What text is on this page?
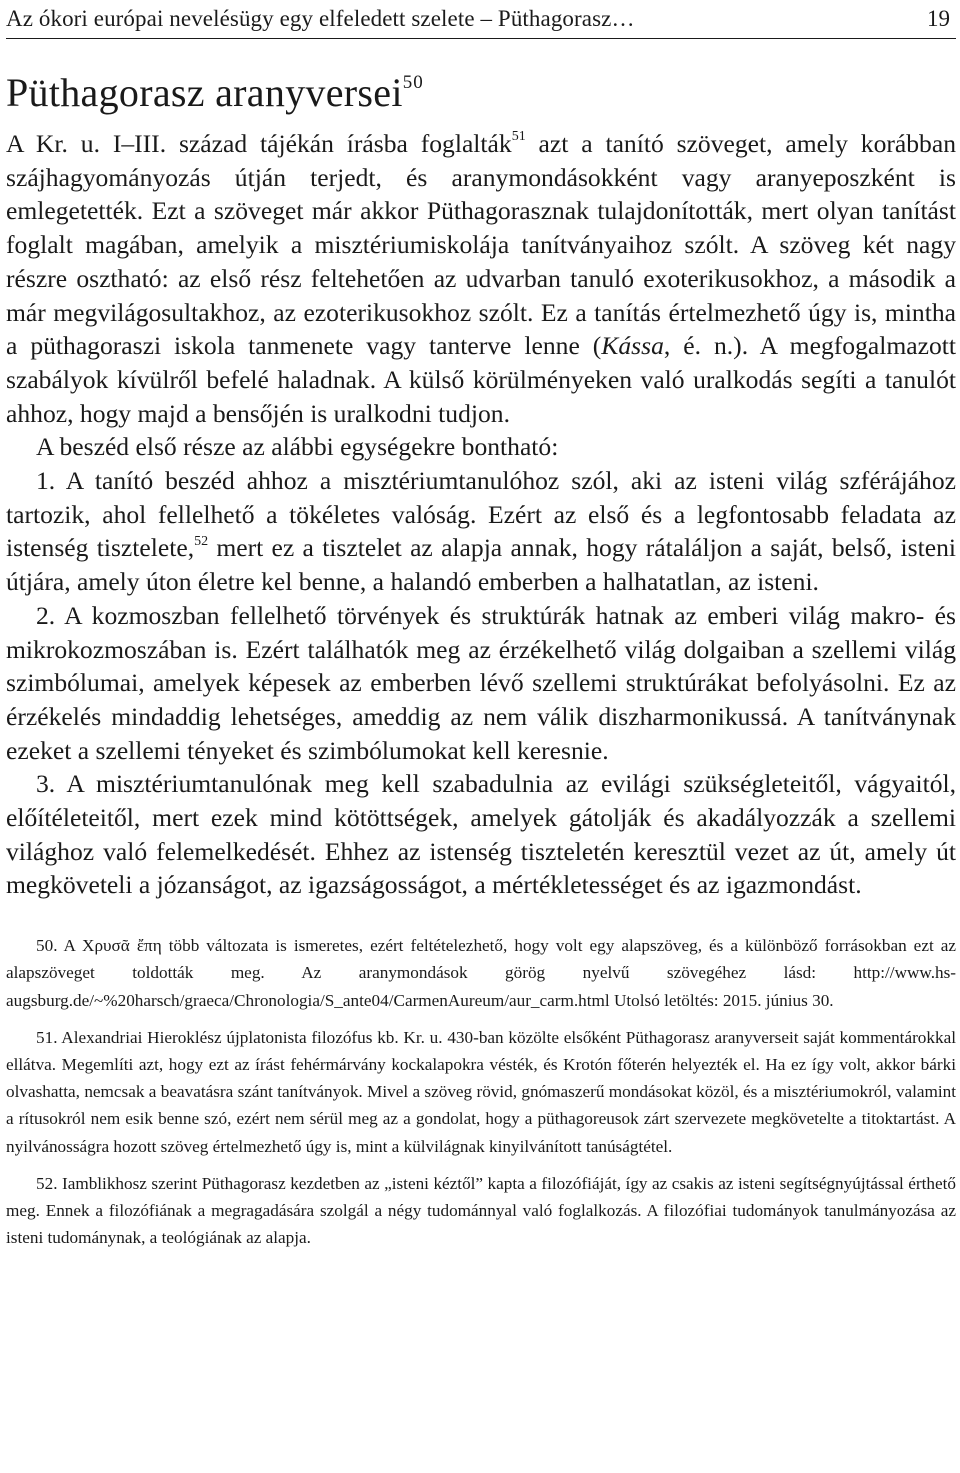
Az ókori európai nevelésügy egy elfeledett szelete – Püthagorasz…	19
Püthagorasz aranyversei$^{50}$

A Kr. u. I–III. század tájékán írásba foglalták$^{51}$ azt a tanító szöveget, amely korábban szájhagyományozás útján terjedt, és aranymondásokként vagy aranyeposzként is emlegetették. Ezt a szöveget már akkor Püthagorasznak tulajdonították, mert olyan tanítást foglalt magában, amelyik a misztériumiskolája tanítványaihoz szólt. A szöveg két nagy részre osztható: az első rész feltehetően az udvarban tanuló exoterikusokhoz, a második a már megvilágosultakhoz, az ezoterikusokhoz szólt. Ez a tanítás értelmezhető úgy is, mintha a püthagoraszi iskola tanmenete vagy tanterve lenne (Kássa, é. n.). A megfogalmazott szabályok kívülről befelé haladnak. A külső körülményeken való uralkodás segíti a tanulót ahhoz, hogy majd a bensőjén is uralkodni tudjon.

A beszéd első része az alábbi egységekre bontható:

1. A tanító beszéd ahhoz a misztériumtanulóhoz szól, aki az isteni világ szférájához tartozik, ahol fellelhető a tökéletes valóság. Ezért az első és a legfontosabb feladata az istenség tisztelete,$^{52}$ mert ez a tisztelet az alapja annak, hogy rátaláljon a saját, belső, isteni útjára, amely úton életre kel benne, a halandó emberben a halhatatlan, az isteni.

2. A kozmoszban fellelhető törvények és struktúrák hatnak az emberi világ makro- és mikrokozmoszában is. Ezért találhatók meg az érzékelhető világ dolgaiban a szellemi világ szimbólumai, amelyek képesek az emberben lévő szellemi struktúrákat befolyásolni. Ez az érzékelés mindaddig lehetséges, ameddig az nem válik diszharmonikussá. A tanítványnak ezeket a szellemi tényeket és szimbólumokat kell keresnie.

3. A misztériumtanulónak meg kell szabadulnia az evilági szükségleteitől, vágyaitól, előítéleteitől, mert ezek mind kötöttségek, amelyek gátolják és akadályozzák a szellemi világhoz való felemelkedését. Ehhez az istenség tiszteletén keresztül vezet az út, amely út megköveteli a józanságot, az igazságosságot, a mértékletességet és az igazmondást.

50. A Χρυσᾶ ἔπη több változata is ismeretes, ezért feltételezhető, hogy volt egy alapszöveg, és a különböző forrásokban ezt az alapszöveget toldották meg. Az aranymondások görög nyelvű szövegéhez lásd: http://www.hs-augsburg.de/~%20harsch/graeca/Chronologia/S_ante04/CarmenAureum/aur_carm.html Utolsó letöltés: 2015. június 30.

51. Alexandriai Hieroklész újplatonista filozófus kb. Kr. u. 430-ban közölte elsőként Püthagorasz aranyverseit saját kommentárokkal ellátva. Megemlíti azt, hogy ezt az írást fehérmárvány kockalapokra vésték, és Krotón főterén helyezték el. Ha ez így volt, akkor bárki olvashatta, nemcsak a beavatásra szánt tanítványok. Mivel a szöveg rövid, gnómaszerű mondásokat közöl, és a misztériumokról, valamint a rítusokról nem esik benne szó, ezért nem sérül meg az a gondolat, hogy a püthagoreusok zárt szervezete megkövetelte a titoktartást. A nyilvánosságra hozott szöveg értelmezhető úgy is, mint a külvilágnak kinyilvánított tanúságtétel.

52. Iamblikhosz szerint Püthagorasz kezdetben az „isteni kéztől” kapta a filozófiáját, így az csakis az isteni segítségnyújtással érthető meg. Ennek a filozófiának a megragadására szolgál a négy tudománnyal való foglalkozás. A filozófiai tudományok tanulmányozása az isteni tudománynak, a teológiának az alapja.
